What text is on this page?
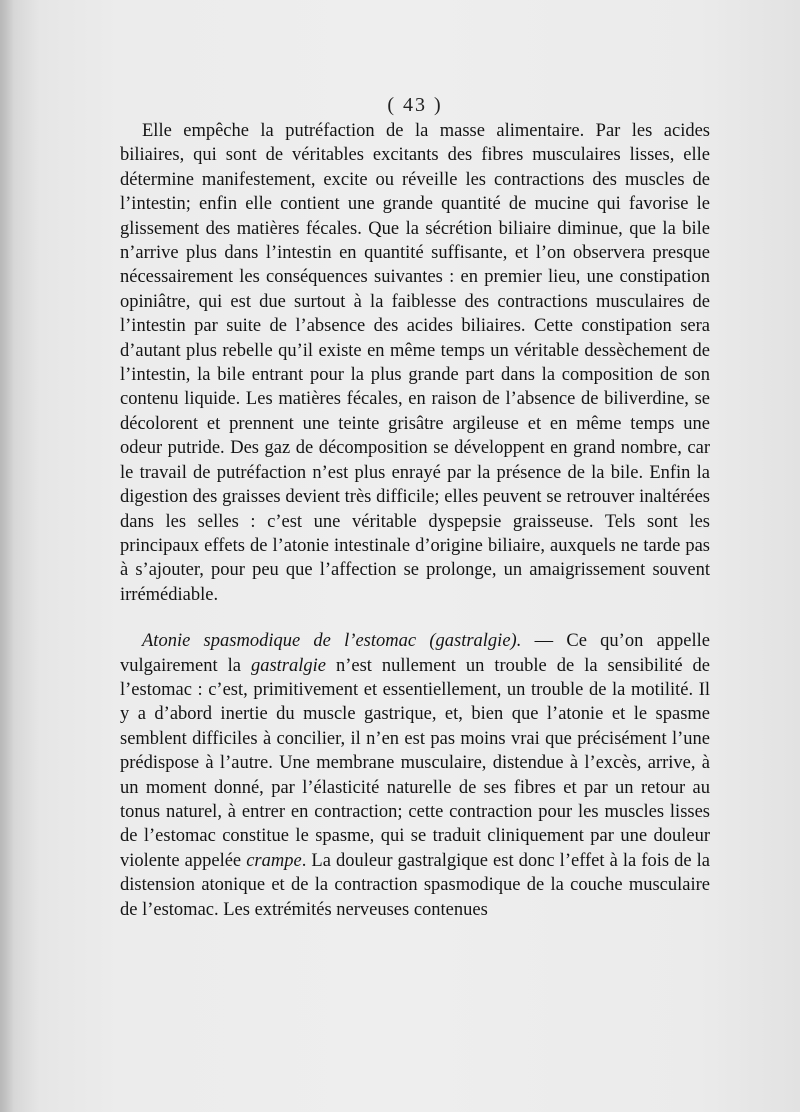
( 43 )

Elle empêche la putréfaction de la masse alimentaire. Par les acides biliaires, qui sont de véritables excitants des fibres musculaires lisses, elle détermine manifestement, excite ou réveille les contractions des muscles de l’intestin; enfin elle contient une grande quantité de mucine qui favorise le glissement des matières fécales. Que la sécrétion biliaire diminue, que la bile n’arrive plus dans l’intestin en quantité suffisante, et l’on observera presque nécessairement les conséquences suivantes : en premier lieu, une constipation opiniâtre, qui est due surtout à la faiblesse des contractions musculaires de l’intestin par suite de l’absence des acides biliaires. Cette constipation sera d’autant plus rebelle qu’il existe en même temps un véritable dessèchement de l’intestin, la bile entrant pour la plus grande part dans la composition de son contenu liquide. Les matières fécales, en raison de l’absence de biliverdine, se décolorent et prennent une teinte grisâtre argileuse et en même temps une odeur putride. Des gaz de décomposition se développent en grand nombre, car le travail de putréfaction n’est plus enrayé par la présence de la bile. Enfin la digestion des graisses devient très difficile; elles peuvent se retrouver inaltérées dans les selles : c’est une véritable dyspepsie graisseuse. Tels sont les principaux effets de l’atonie intestinale d’origine biliaire, auxquels ne tarde pas à s’ajouter, pour peu que l’affection se prolonge, un amaigrissement souvent irrémédiable.

Atonie spasmodique de l’estomac (gastralgie). — Ce qu’on appelle vulgairement la gastralgie n’est nullement un trouble de la sensibilité de l’estomac : c’est, primitivement et essentiellement, un trouble de la motilité. Il y a d’abord inertie du muscle gastrique, et, bien que l’atonie et le spasme semblent difficiles à concilier, il n’en est pas moins vrai que précisément l’une prédispose à l’autre. Une membrane musculaire, distendue à l’excès, arrive, à un moment donné, par l’élasticité naturelle de ses fibres et par un retour au tonus naturel, à entrer en contraction; cette contraction pour les muscles lisses de l’estomac constitue le spasme, qui se traduit cliniquement par une douleur violente appelée crampe. La douleur gastralgique est donc l’effet à la fois de la distension atonique et de la contraction spasmodique de la couche musculaire de l’estomac. Les extrémités nerveuses contenues
